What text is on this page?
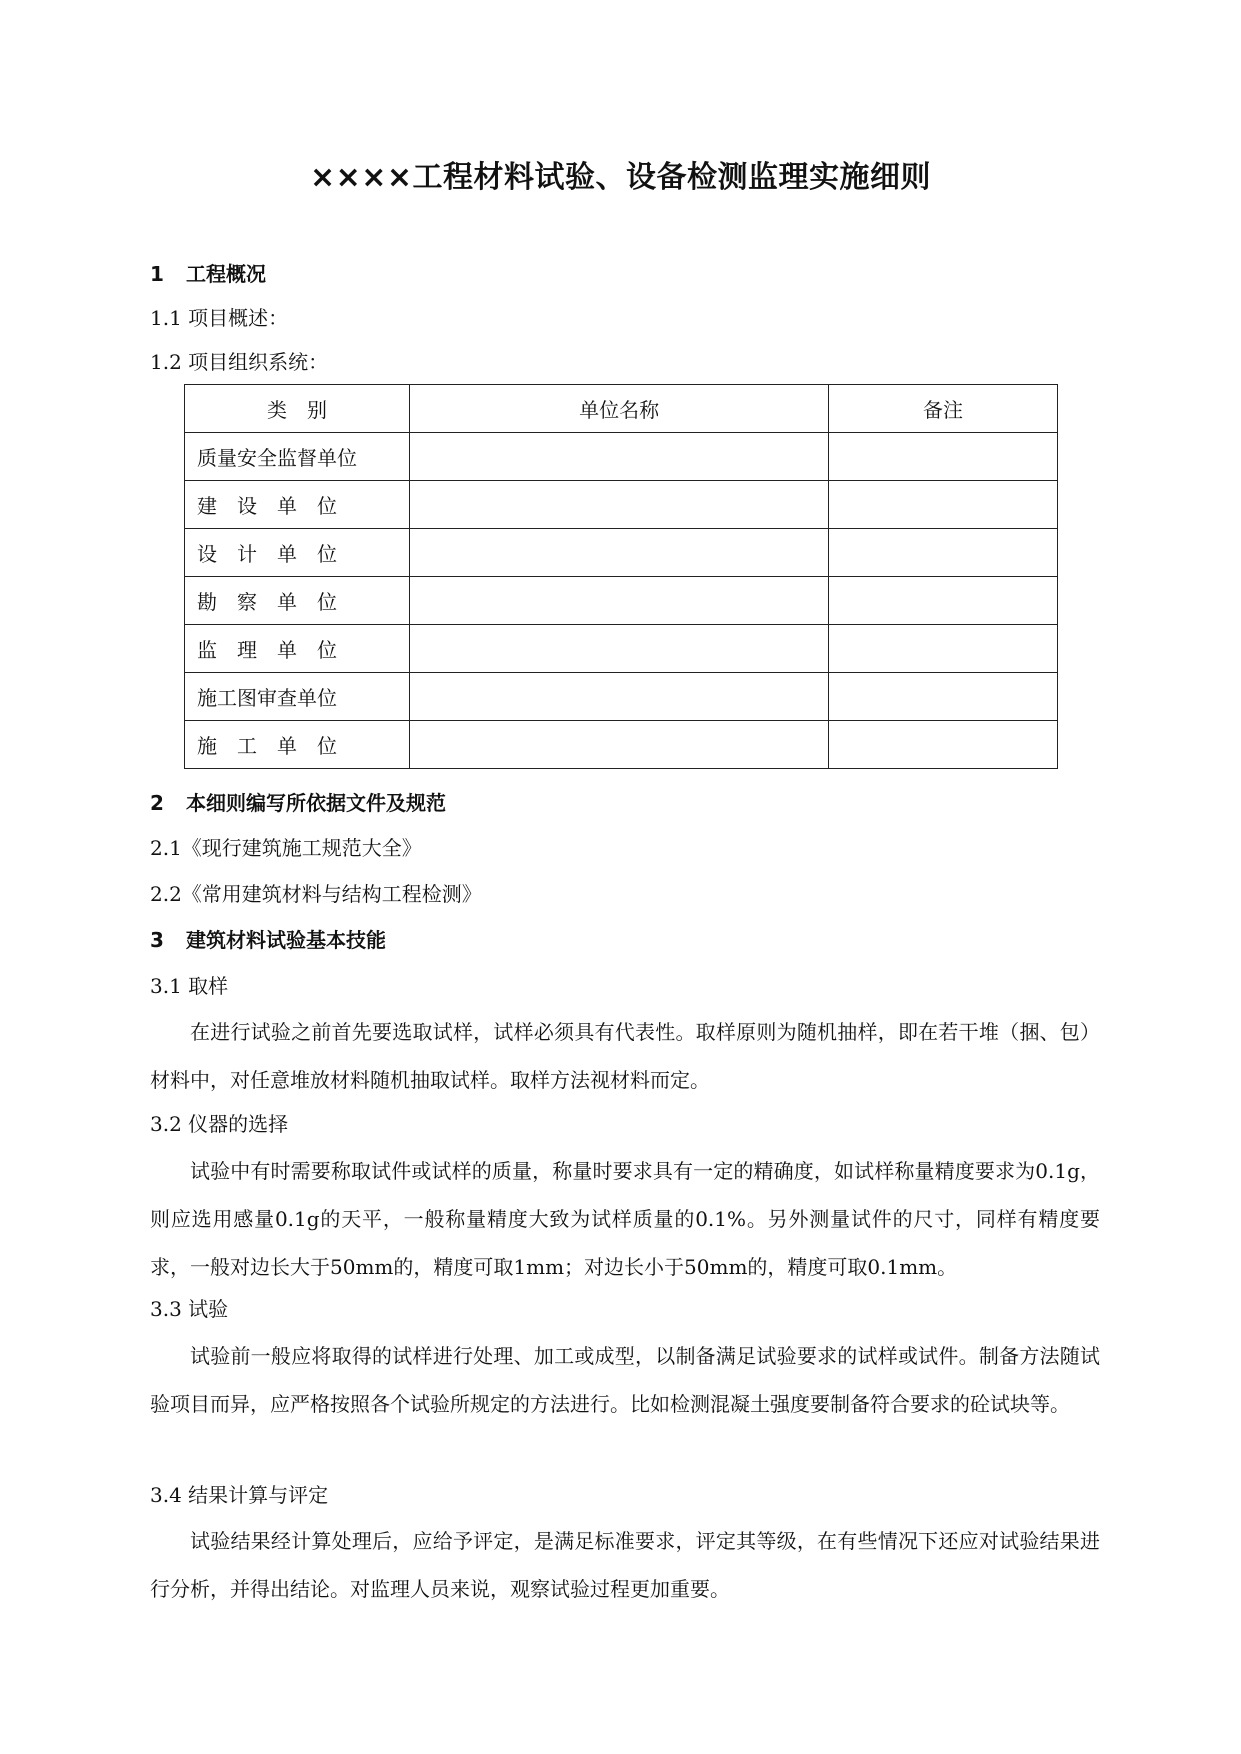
××××工程材料试验、设备检测监理实施细则
1 工程概况
1.1 项目概述：
1.2 项目组织系统：
类　别	单位名称	备注
质量安全监督单位		
建　设　单　位		
设　计　单　位		
勘　察　单　位		
监　理　单　位		
施工图审查单位		
施　工　单　位		
2 本细则编写所依据文件及规范
2.1《现行建筑施工规范大全》
2.2《常用建筑材料与结构工程检测》
3 建筑材料试验基本技能
3.1 取样
在进行试验之前首先要选取试样，试样必须具有代表性。取样原则为随机抽样，即在若干堆（捆、包）材料中，对任意堆放材料随机抽取试样。取样方法视材料而定。
3.2 仪器的选择
试验中有时需要称取试件或试样的质量，称量时要求具有一定的精确度，如试样称量精度要求为0.1g，则应选用感量0.1g的天平，一般称量精度大致为试样质量的0.1%。另外测量试件的尺寸，同样有精度要求，一般对边长大于50mm的，精度可取1mm；对边长小于50mm的，精度可取0.1mm。
3.3 试验
试验前一般应将取得的试样进行处理、加工或成型，以制备满足试验要求的试样或试件。制备方法随试验项目而异，应严格按照各个试验所规定的方法进行。比如检测混凝土强度要制备符合要求的砼试块等。
3.4 结果计算与评定
试验结果经计算处理后，应给予评定，是满足标准要求，评定其等级，在有些情况下还应对试验结果进行分析，并得出结论。对监理人员来说，观察试验过程更加重要。
